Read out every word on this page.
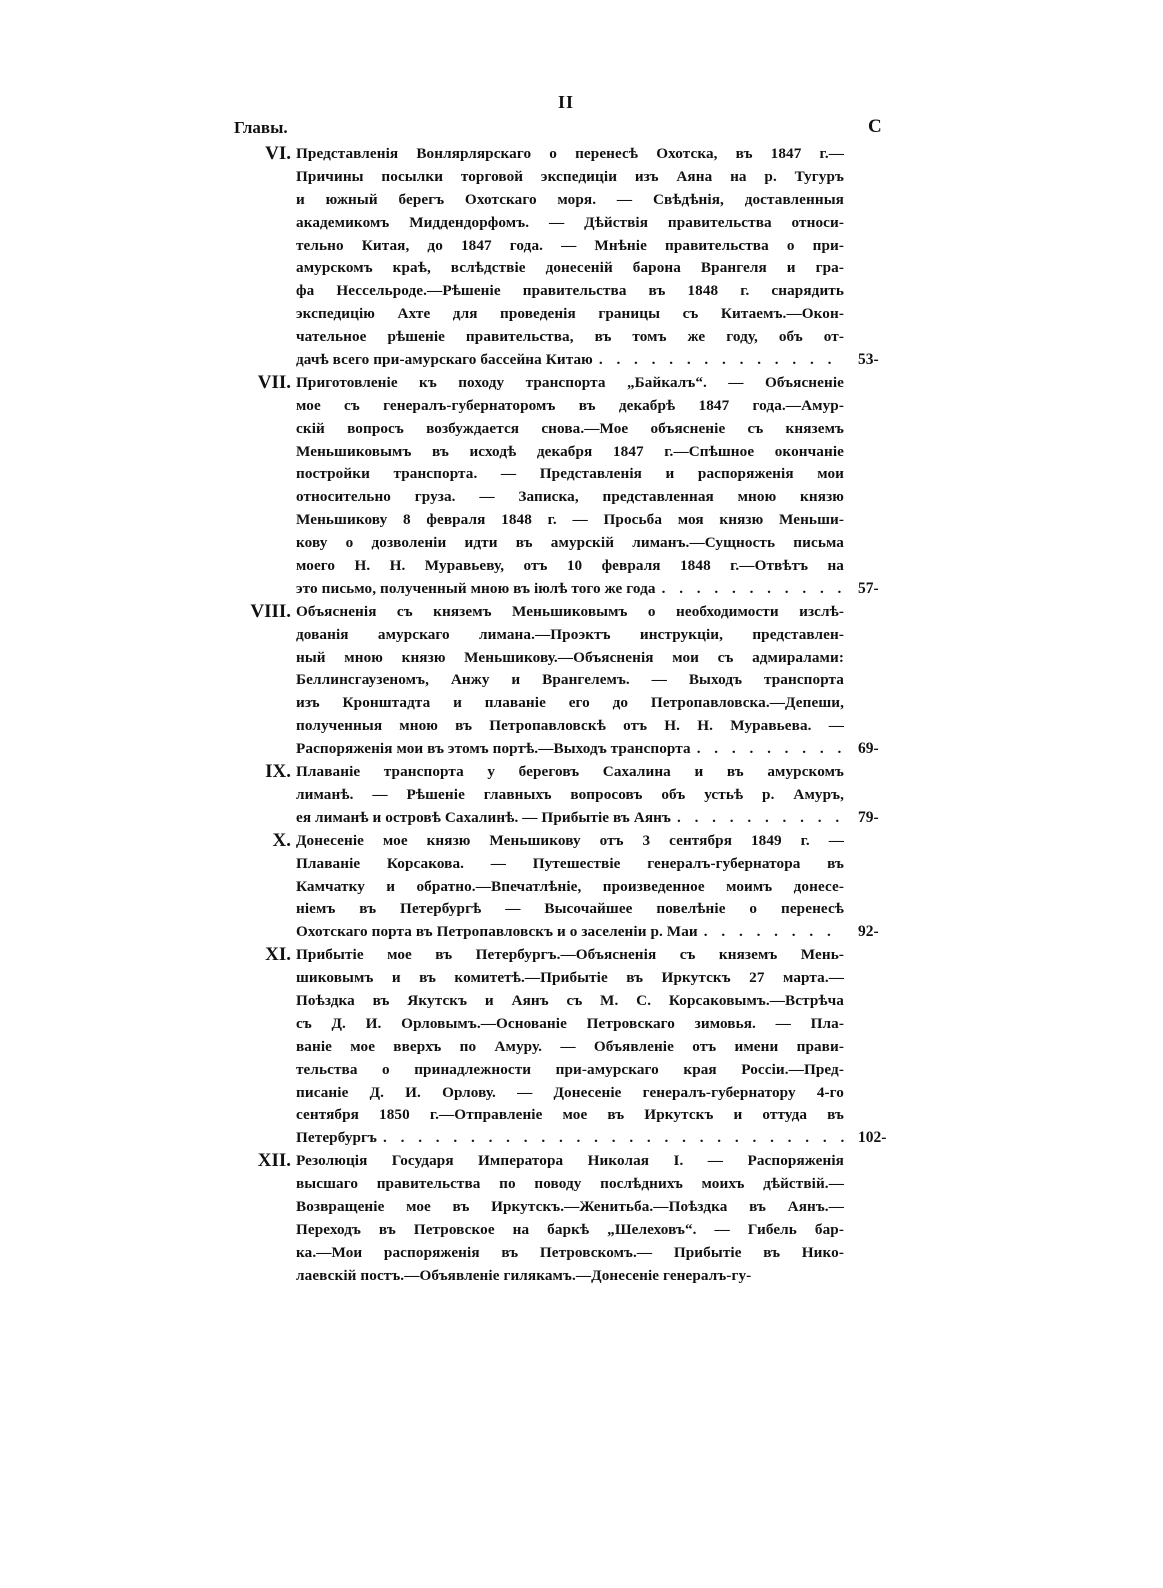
II
Главы.	С
VI. Представленія Вонлярлярскаго о перенесѣ Охотска, въ 1847 г.—
Причины посылки торговой экспедиціи изъ Аяна на р. Тугуръ
и южный берегъ Охотскаго моря. — Свѣдѣнія, доставленныя
академикомъ Миддендорфомъ. — Дѣйствія правительства относи-
тельно Китая, до 1847 года. — Мнѣніе правительства о при-
амурскомъ краѣ, вслѣдствіе донесеній барона Врангеля и гра-
фа Нессельроде.—Рѣшеніе правительства въ 1848 г. снарядить
экспедицію Ахте для проведенія границы съ Китаемъ.—Окон-
чательное рѣшеніе правительства, въ томъ же году, объ от-
дачѣ всего при-амурскаго бассейна Китаю . . .	53-
VII. Приготовленіе къ походу транспорта „Байкалъ“. — Объясненіе
мое съ генералъ-губернаторомъ въ декабрѣ 1847 года.—Амур-
скій вопросъ возбуждается снова.—Мое объясненіе съ княземъ
Меньшиковымъ въ исходѣ декабря 1847 г.—Спѣшное окончаніе
постройки транспорта. — Представленія и распоряженія мои
относительно груза. — Записка, представленная мною князю
Меньшикову 8 февраля 1848 г. — Просьба моя князю Меньши-
кову о дозволеніи идти въ амурскій лиманъ.—Сущность письма
моего Н. Н. Муравьеву, отъ 10 февраля 1848 г.—Отвѣтъ на
это письмо, полученный мною въ іюлѣ того же года . . .	57-
VIII. Объясненія съ княземъ Меньшиковымъ о необходимости изслѣ-
дованія амурскаго лимана.—Проэктъ инструкціи, представлен-
ный мною князю Меньшикову.—Объясненія мои съ адмиралами:
Беллинсгаузеномъ, Анжу и Врангелемъ. — Выходъ транспорта
изъ Кронштадта и плаваніе его до Петропавловска.—Депеши,
полученныя мною въ Петропавловскѣ отъ Н. Н. Муравьева. —
Распоряженія мои въ этомъ портѣ.—Выходъ транспорта . . .	69-
IX. Плаваніе транспорта у береговъ Сахалина и въ амурскомъ
лиманѣ. — Рѣшеніе главныхъ вопросовъ объ устьѣ р. Амуръ,
ея лиманѣ и островѣ Сахалинѣ. — Прибытіе въ Аянъ . . .	79-
X. Донесеніе мое князю Меньшикову отъ 3 сентября 1849 г. —
Плаваніе Корсакова. — Путешествіе генералъ-губернатора въ
Камчатку и обратно.—Впечатлѣніе, произведенное моимъ донесе-
ніемъ въ Петербургѣ — Высочайшее повелѣніе о перенесѣ
Охотскаго порта въ Петропавловскъ и о заселеніи р. Маи . . .	92-
XI. Прибытіе мое въ Петербургъ.—Объясненія съ княземъ Мень-
шиковымъ и въ комитетѣ.—Прибытіе въ Иркутскъ 27 марта.—
Поѣздка въ Якутскъ и Аянъ съ М. С. Корсаковымъ.—Встрѣча
съ Д. И. Орловымъ.—Основаніе Петровскаго зимовья. — Пла-
ваніе мое вверхъ по Амуру. — Объявленіе отъ имени прави-
тельства о принадлежности при-амурскаго края Россіи.—Пред-
писаніе Д. И. Орлову. — Донесеніе генералъ-губернатору 4-го
сентября 1850 г.—Отправленіе мое въ Иркутскъ и оттуда въ
Петербургъ . . .	102-
XII. Резолюція Государя Императора Николая I. — Распоряженія
высшаго правительства по поводу послѣднихъ моихъ дѣйствій.—
Возвращеніе мое въ Иркутскъ.—Женитьба.—Поѣздка въ Аянъ.—
Переходъ въ Петровское на баркѣ „Шелеховъ“. — Гибель бар-
ка.—Мои распоряженія въ Петровскомъ.— Прибытіе въ Нико-
лаевскій постъ.—Объявленіе гилякамъ.—Донесеніе генералъ-гу-
